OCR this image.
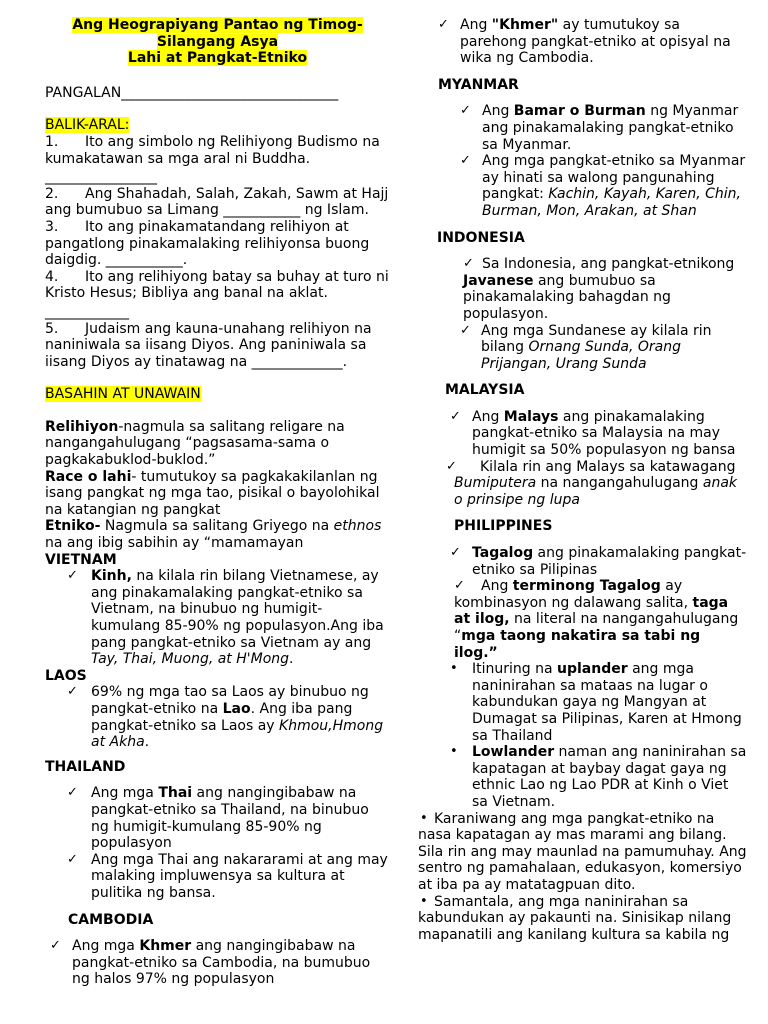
Ang Heograpiyang Pantao ng Timog-
Silangang Asya
Lahi at Pangkat-Etniko

PANGALAN_______________________________

BALIK-ARAL:

1. Ito ang simbolo ng Relihiyong Budismo na kumakatawan sa mga aral ni Buddha.

________________

2. Ang Shahadah, Salah, Zakah, Sawm at Hajj ang bumubuo sa Limang ___________ ng Islam.
3. Ito ang pinakamatandang relihiyon at pangatlong pinakamalaking relihiyonsa buong daigdig. ___________.
4. Ito ang relihiyong batay sa buhay at turo ni Kristo Hesus; Bibliya ang banal na aklat.

____________

5. Judaism ang kauna-unahang relihiyon na naniniwala sa iisang Diyos. Ang paniniwala sa iisang Diyos ay tinatawag na _____________.

BASAHIN AT UNAWAIN

Relihiyon-nagmula sa salitang religare na nangangahulugang “pagsasama-sama o pagkakabuklod-buklod.”

Race o lahi- tumutukoy sa pagkakakilanlan ng isang pangkat ng mga tao, pisikal o bayolohikal na katangian ng pangkat

Etniko- Nagmula sa salitang Griyego na ethnos na ang ibig sabihin ay “mamamayan

VIETNAM

✓ Kinh, na kilala rin bilang Vietnamese, ay ang pinakamalaking pangkat-etniko sa Vietnam, na binubuo ng humigit-kumulang 85-90% ng populasyon.Ang iba pang pangkat-etniko sa Vietnam ay ang Tay, Thai, Muong, at H'Mong.

LAOS

✓ 69% ng mga tao sa Laos ay binubuo ng pangkat-etniko na Lao. Ang iba pang pangkat-etniko sa Laos ay Khmou,Hmong at Akha.

THAILAND

✓ Ang mga Thai ang nangingibabaw na pangkat-etniko sa Thailand, na binubuo ng humigit-kumulang 85-90% ng populasyon
✓ Ang mga Thai ang nakararami at ang may malaking impluwensya sa kultura at pulitika ng bansa.

CAMBODIA

✓ Ang mga Khmer ang nangingibabaw na pangkat-etniko sa Cambodia, na bumubuo ng halos 97% ng populasyon
✓ Ang "Khmer" ay tumutukoy sa parehong pangkat-etniko at opisyal na wika ng Cambodia.

MYANMAR

✓ Ang Bamar o Burman ng Myanmar ang pinakamalaking pangkat-etniko sa Myanmar.
✓ Ang mga pangkat-etniko sa Myanmar ay hinati sa walong pangunahing pangkat: Kachin, Kayah, Karen, Chin, Burman, Mon, Arakan, at Shan

INDONESIA

✓ Sa Indonesia, ang pangkat-etnikong
Javanese ang bumubuo sa pinakamalaking bahagdan ng populasyon.
✓ Ang mga Sundanese ay kilala rin bilang Ornang Sunda, Orang Prijangan, Urang Sunda

MALAYSIA

✓ Ang Malays ang pinakamalaking pangkat-etniko sa Malaysia na may humigit sa 50% populasyon ng bansa
✓ Kilala rin ang Malays sa katawagang Bumiputera na nangangahulugang anak o prinsipe ng lupa

PHILIPPINES

✓ Tagalog ang pinakamalaking pangkat-etniko sa Pilipinas
✓ Ang terminong Tagalog ay kombinasyon ng dalawang salita, taga at ilog, na literal na nangangahulugang “mga taong nakatira sa tabi ng ilog.”
• Itinuring na uplander ang mga naninirahan sa mataas na lugar o kabundukan gaya ng Mangyan at Dumagat sa Pilipinas, Karen at Hmong sa Thailand
• Lowlander naman ang naninirahan sa kapatagan at baybay dagat gaya ng ethnic Lao ng Lao PDR at Kinh o Viet sa Vietnam.
• Karaniwang ang mga pangkat-etniko na nasa kapatagan ay mas marami ang bilang. Sila rin ang may maunlad na pamumuhay. Ang sentro ng pamahalaan, edukasyon, komersiyo at iba pa ay matatagpuan dito.
• Samantala, ang mga naninirahan sa kabundukan ay pakaunti na. Sinisikap nilang mapanatili ang kanilang kultura sa kabila ng
